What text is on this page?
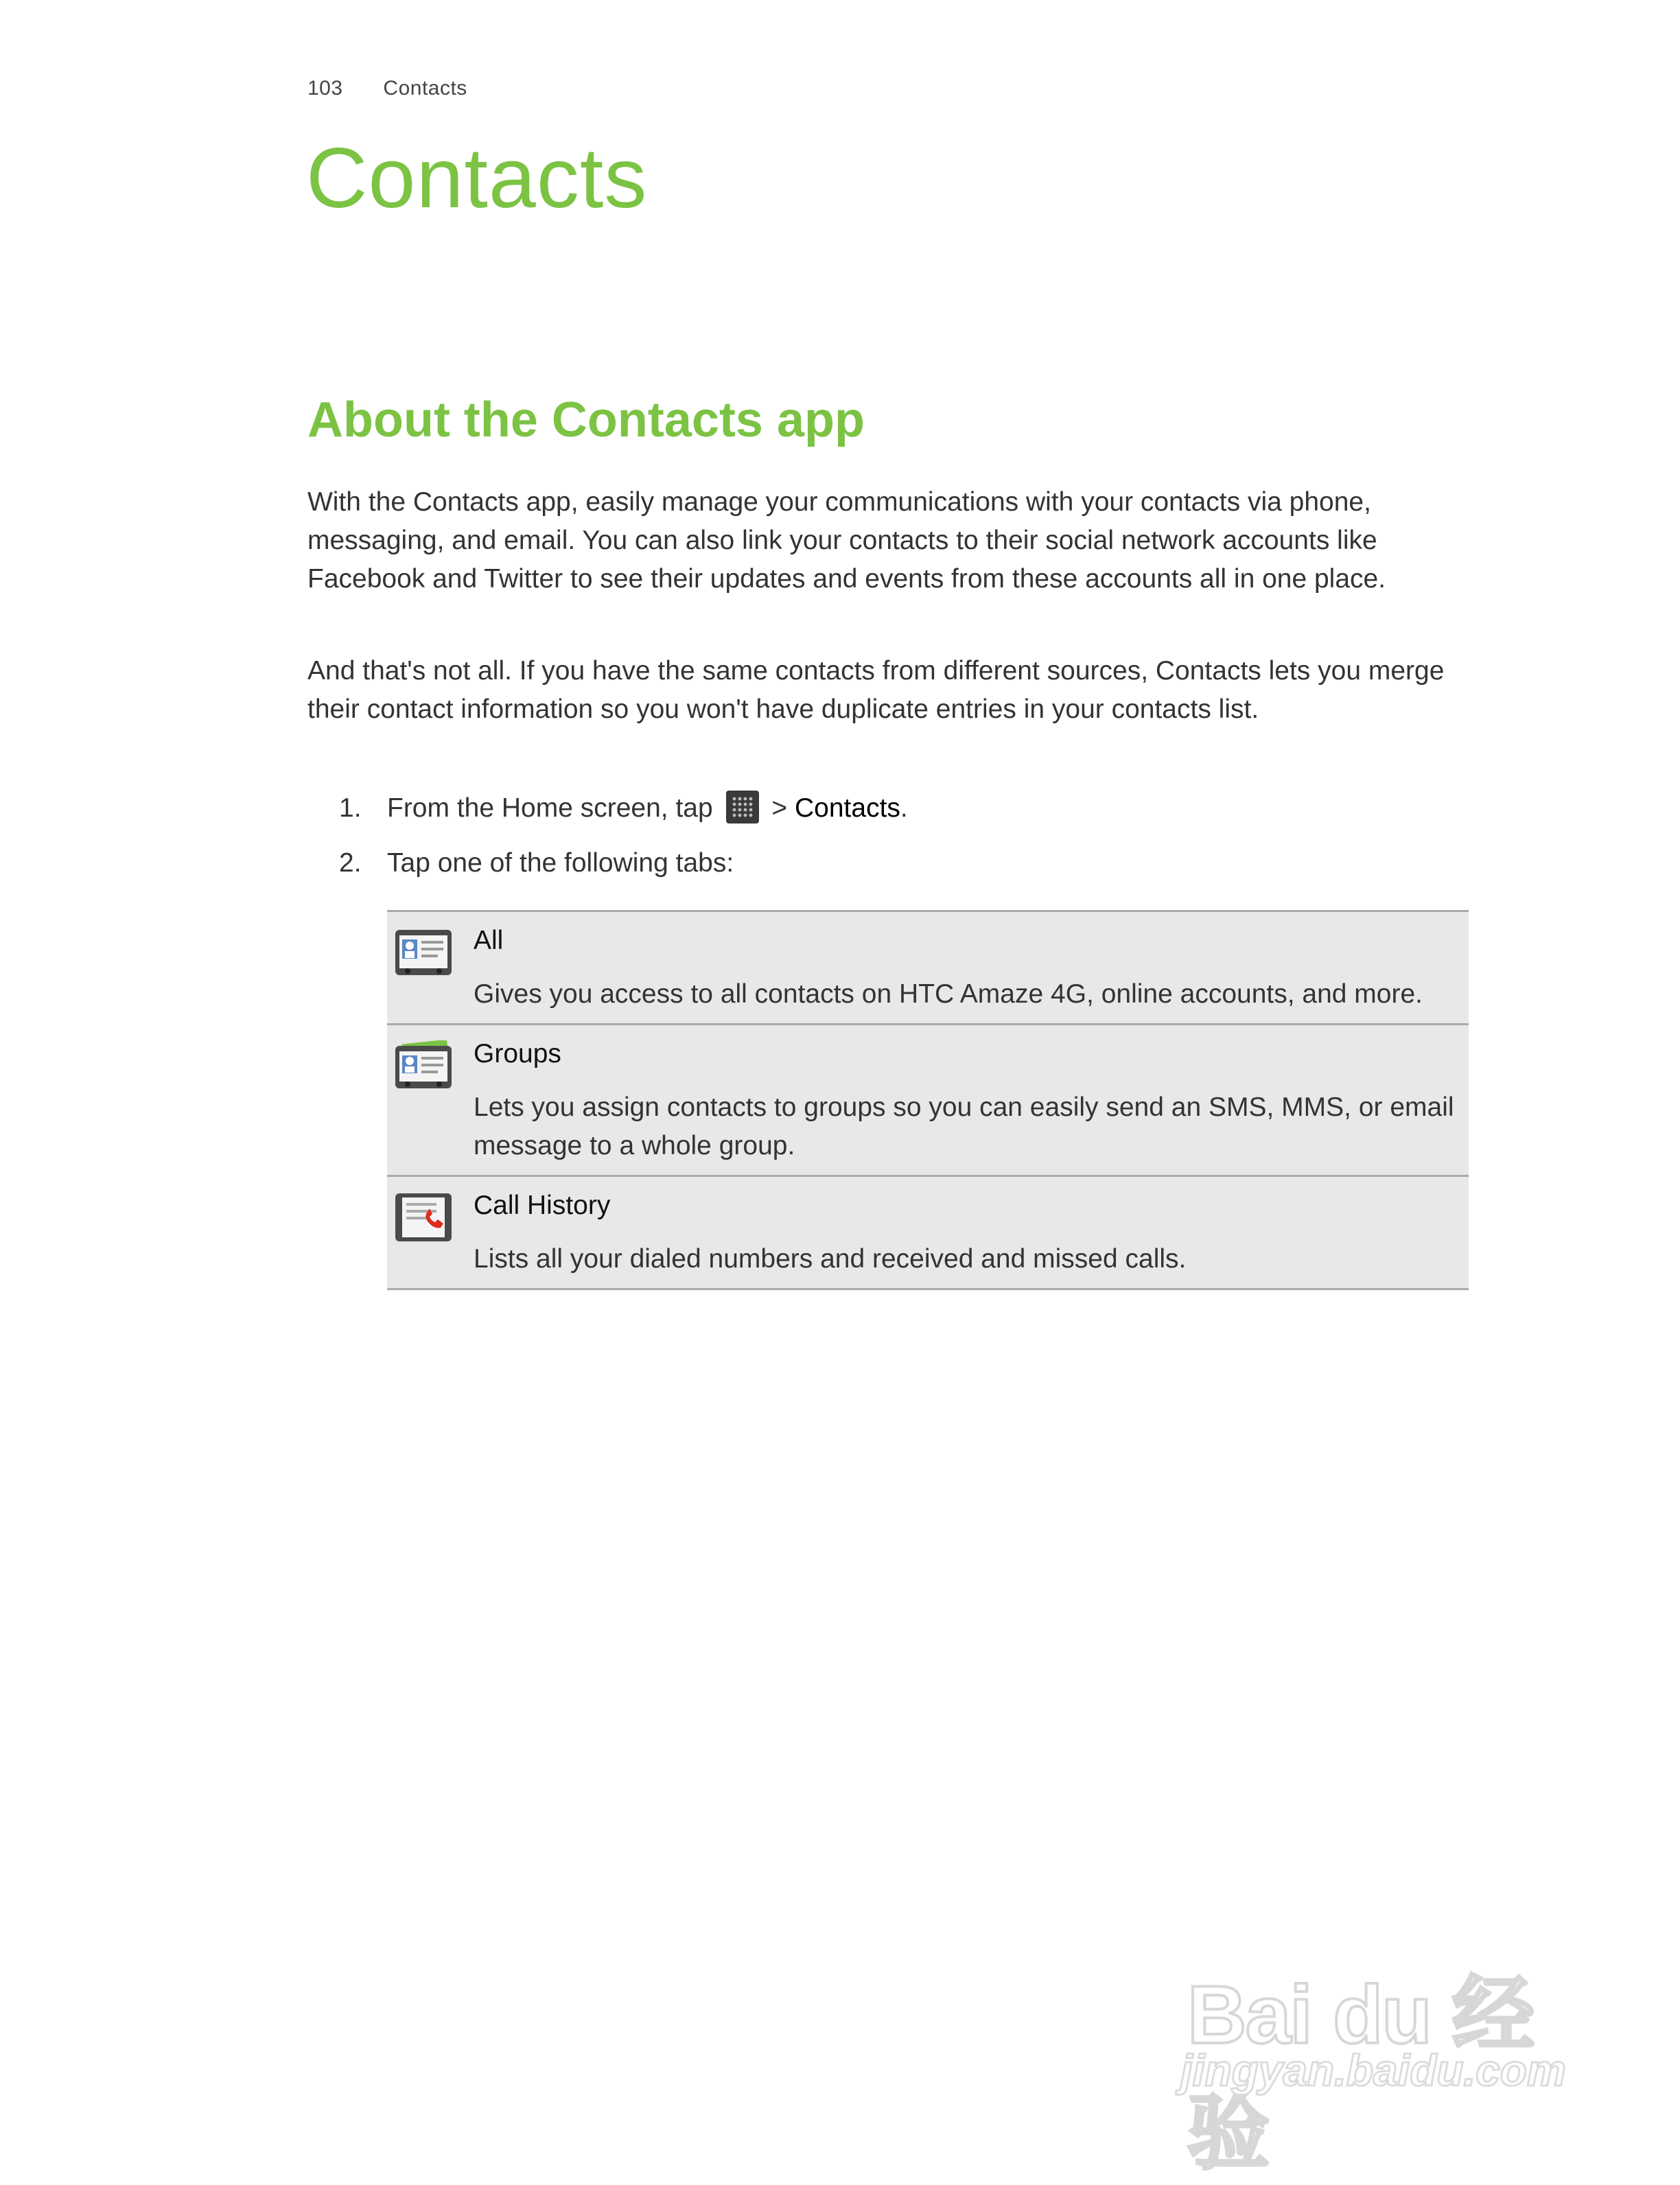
103 Contacts
Contacts
About the Contacts app

With the Contacts app, easily manage your communications with your contacts via phone, messaging, and email. You can also link your contacts to their social network accounts like Facebook and Twitter to see their updates and events from these accounts all in one place.

And that's not all. If you have the same contacts from different sources, Contacts lets you merge their contact information so you won't have duplicate entries in your contacts list.

1. From the Home screen, tap > Contacts.
2. Tap one of the following tabs:

All

Gives you access to all contacts on HTC Amaze 4G, online accounts, and more.

Groups

Lets you assign contacts to groups so you can easily send an SMS, MMS, or email message to a whole group.

Call History

Lists all your dialed numbers and received and missed calls.

Bai du 经验
jingyan.baidu.com
